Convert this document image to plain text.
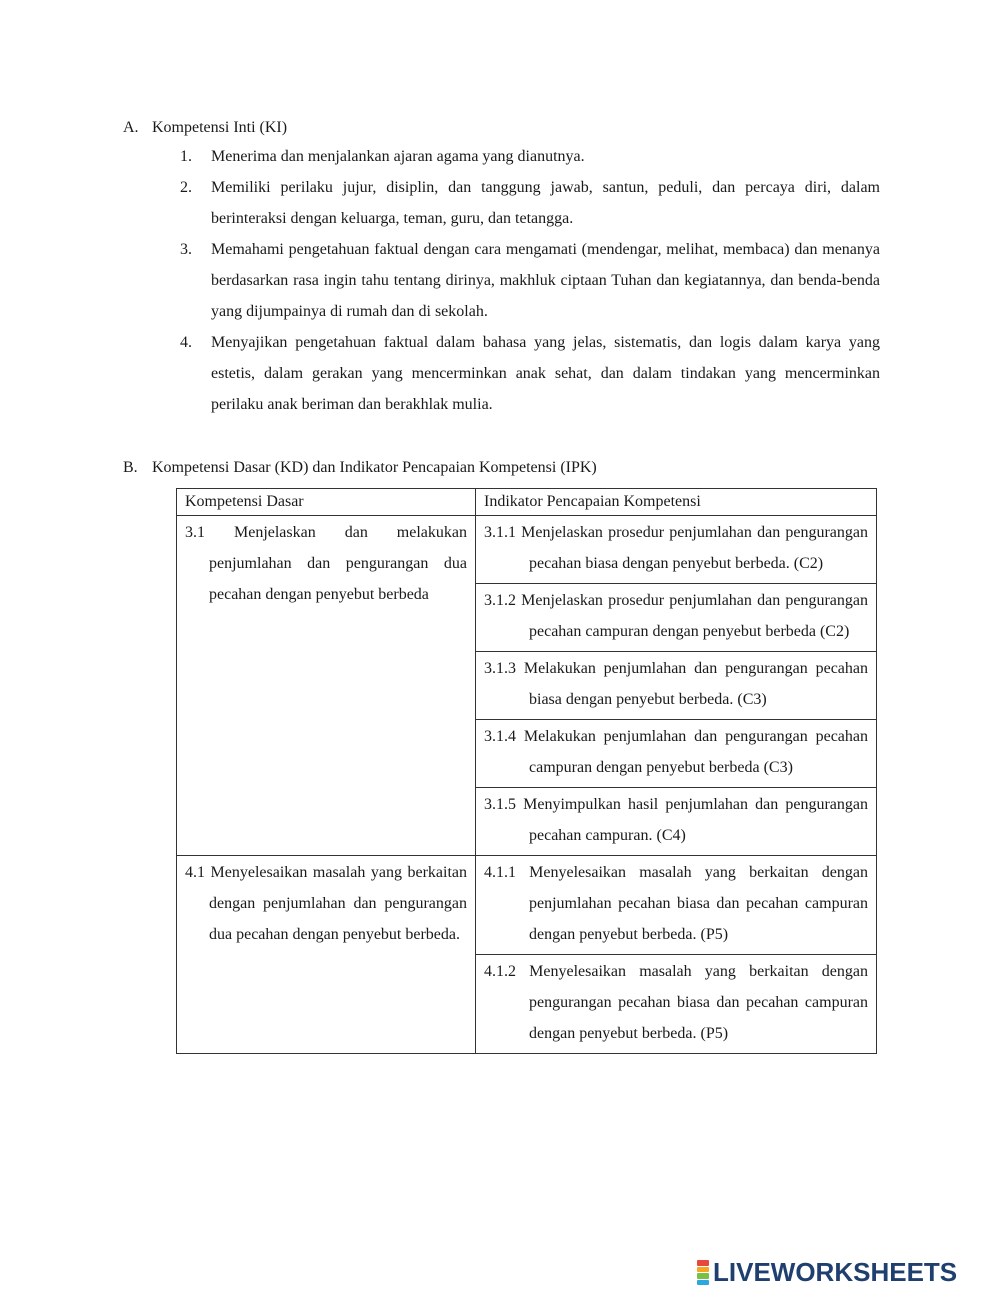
A. Kompetensi Inti (KI)
1. Menerima dan menjalankan ajaran agama yang dianutnya.
2. Memiliki perilaku jujur, disiplin, dan tanggung jawab, santun, peduli, dan percaya diri, dalam berinteraksi dengan keluarga, teman, guru, dan tetangga.
3. Memahami pengetahuan faktual dengan cara mengamati (mendengar, melihat, membaca) dan menanya berdasarkan rasa ingin tahu tentang dirinya, makhluk ciptaan Tuhan dan kegiatannya, dan benda-benda yang dijumpainya di rumah dan di sekolah.
4. Menyajikan pengetahuan faktual dalam bahasa yang jelas, sistematis, dan logis dalam karya yang estetis, dalam gerakan yang mencerminkan anak sehat, dan dalam tindakan yang mencerminkan perilaku anak beriman dan berakhlak mulia.
B. Kompetensi Dasar (KD) dan Indikator Pencapaian Kompetensi (IPK)
Kompetensi Dasar	Indikator Pencapaian Kompetensi

3.1 Menjelaskan dan melakukan penjumlahan dan pengurangan dua pecahan dengan penyebut berbeda	3.1.1 Menjelaskan prosedur penjumlahan dan pengurangan pecahan biasa dengan penyebut berbeda. (C2)

	3.1.2 Menjelaskan prosedur penjumlahan dan pengurangan pecahan campuran dengan penyebut berbeda (C2)

	3.1.3 Melakukan penjumlahan dan pengurangan pecahan biasa dengan penyebut berbeda. (C3)

	3.1.4 Melakukan penjumlahan dan pengurangan pecahan campuran dengan penyebut berbeda (C3)

	3.1.5 Menyimpulkan hasil penjumlahan dan pengurangan pecahan campuran. (C4)

4.1 Menyelesaikan masalah yang berkaitan dengan penjumlahan dan pengurangan dua pecahan dengan penyebut berbeda.	4.1.1 Menyelesaikan masalah yang berkaitan dengan penjumlahan pecahan biasa dan pecahan campuran dengan penyebut berbeda. (P5)

	4.1.2 Menyelesaikan masalah yang berkaitan dengan pengurangan pecahan biasa dan pecahan campuran dengan penyebut berbeda. (P5)
LIVEWORKSHEETS
